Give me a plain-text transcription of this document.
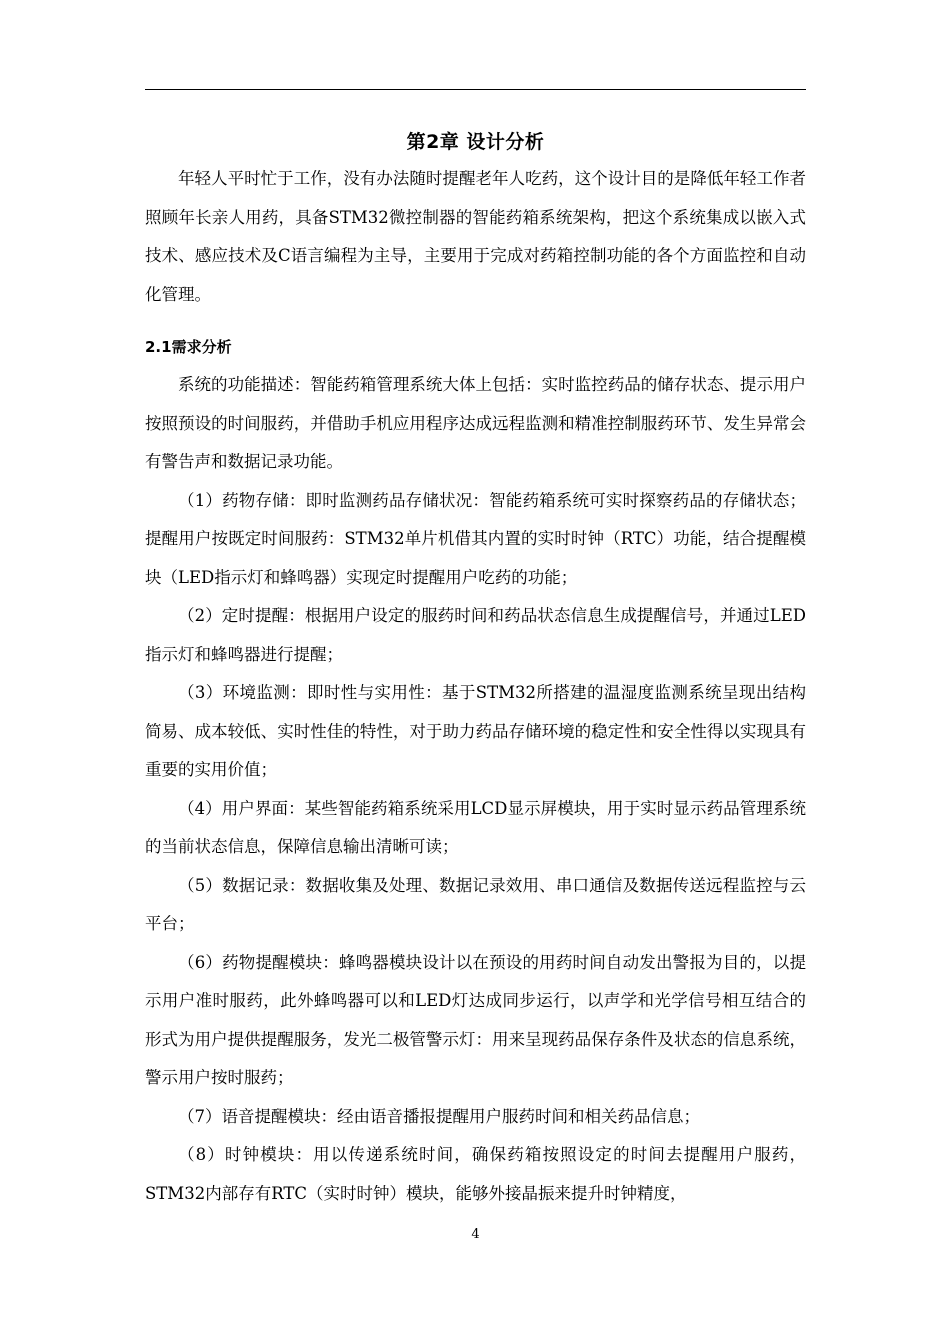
第2章 设计分析

年轻人平时忙于工作，没有办法随时提醒老年人吃药，这个设计目的是降低年轻工作者照顾年长亲人用药，具备STM32微控制器的智能药箱系统架构，把这个系统集成以嵌入式技术、感应技术及C语言编程为主导，主要用于完成对药箱控制功能的各个方面监控和自动化管理。

2.1需求分析

系统的功能描述：智能药箱管理系统大体上包括：实时监控药品的储存状态、提示用户按照预设的时间服药，并借助手机应用程序达成远程监测和精准控制服药环节、发生异常会有警告声和数据记录功能。

（1）药物存储：即时监测药品存储状况：智能药箱系统可实时探察药品的存储状态；提醒用户按既定时间服药：STM32单片机借其内置的实时时钟（RTC）功能，结合提醒模块（LED指示灯和蜂鸣器）实现定时提醒用户吃药的功能；

（2）定时提醒：根据用户设定的服药时间和药品状态信息生成提醒信号，并通过LED指示灯和蜂鸣器进行提醒；

（3）环境监测：即时性与实用性：基于STM32所搭建的温湿度监测系统呈现出结构简易、成本较低、实时性佳的特性，对于助力药品存储环境的稳定性和安全性得以实现具有重要的实用价值；

（4）用户界面：某些智能药箱系统采用LCD显示屏模块，用于实时显示药品管理系统的当前状态信息，保障信息输出清晰可读；

（5）数据记录：数据收集及处理、数据记录效用、串口通信及数据传送远程监控与云平台；

（6）药物提醒模块：蜂鸣器模块设计以在预设的用药时间自动发出警报为目的，以提示用户准时服药，此外蜂鸣器可以和LED灯达成同步运行，以声学和光学信号相互结合的形式为用户提供提醒服务，发光二极管警示灯：用来呈现药品保存条件及状态的信息系统，警示用户按时服药；

（7）语音提醒模块：经由语音播报提醒用户服药时间和相关药品信息；

（8）时钟模块：用以传递系统时间，确保药箱按照设定的时间去提醒用户服药，STM32内部存有RTC（实时时钟）模块，能够外接晶振来提升时钟精度，

4
